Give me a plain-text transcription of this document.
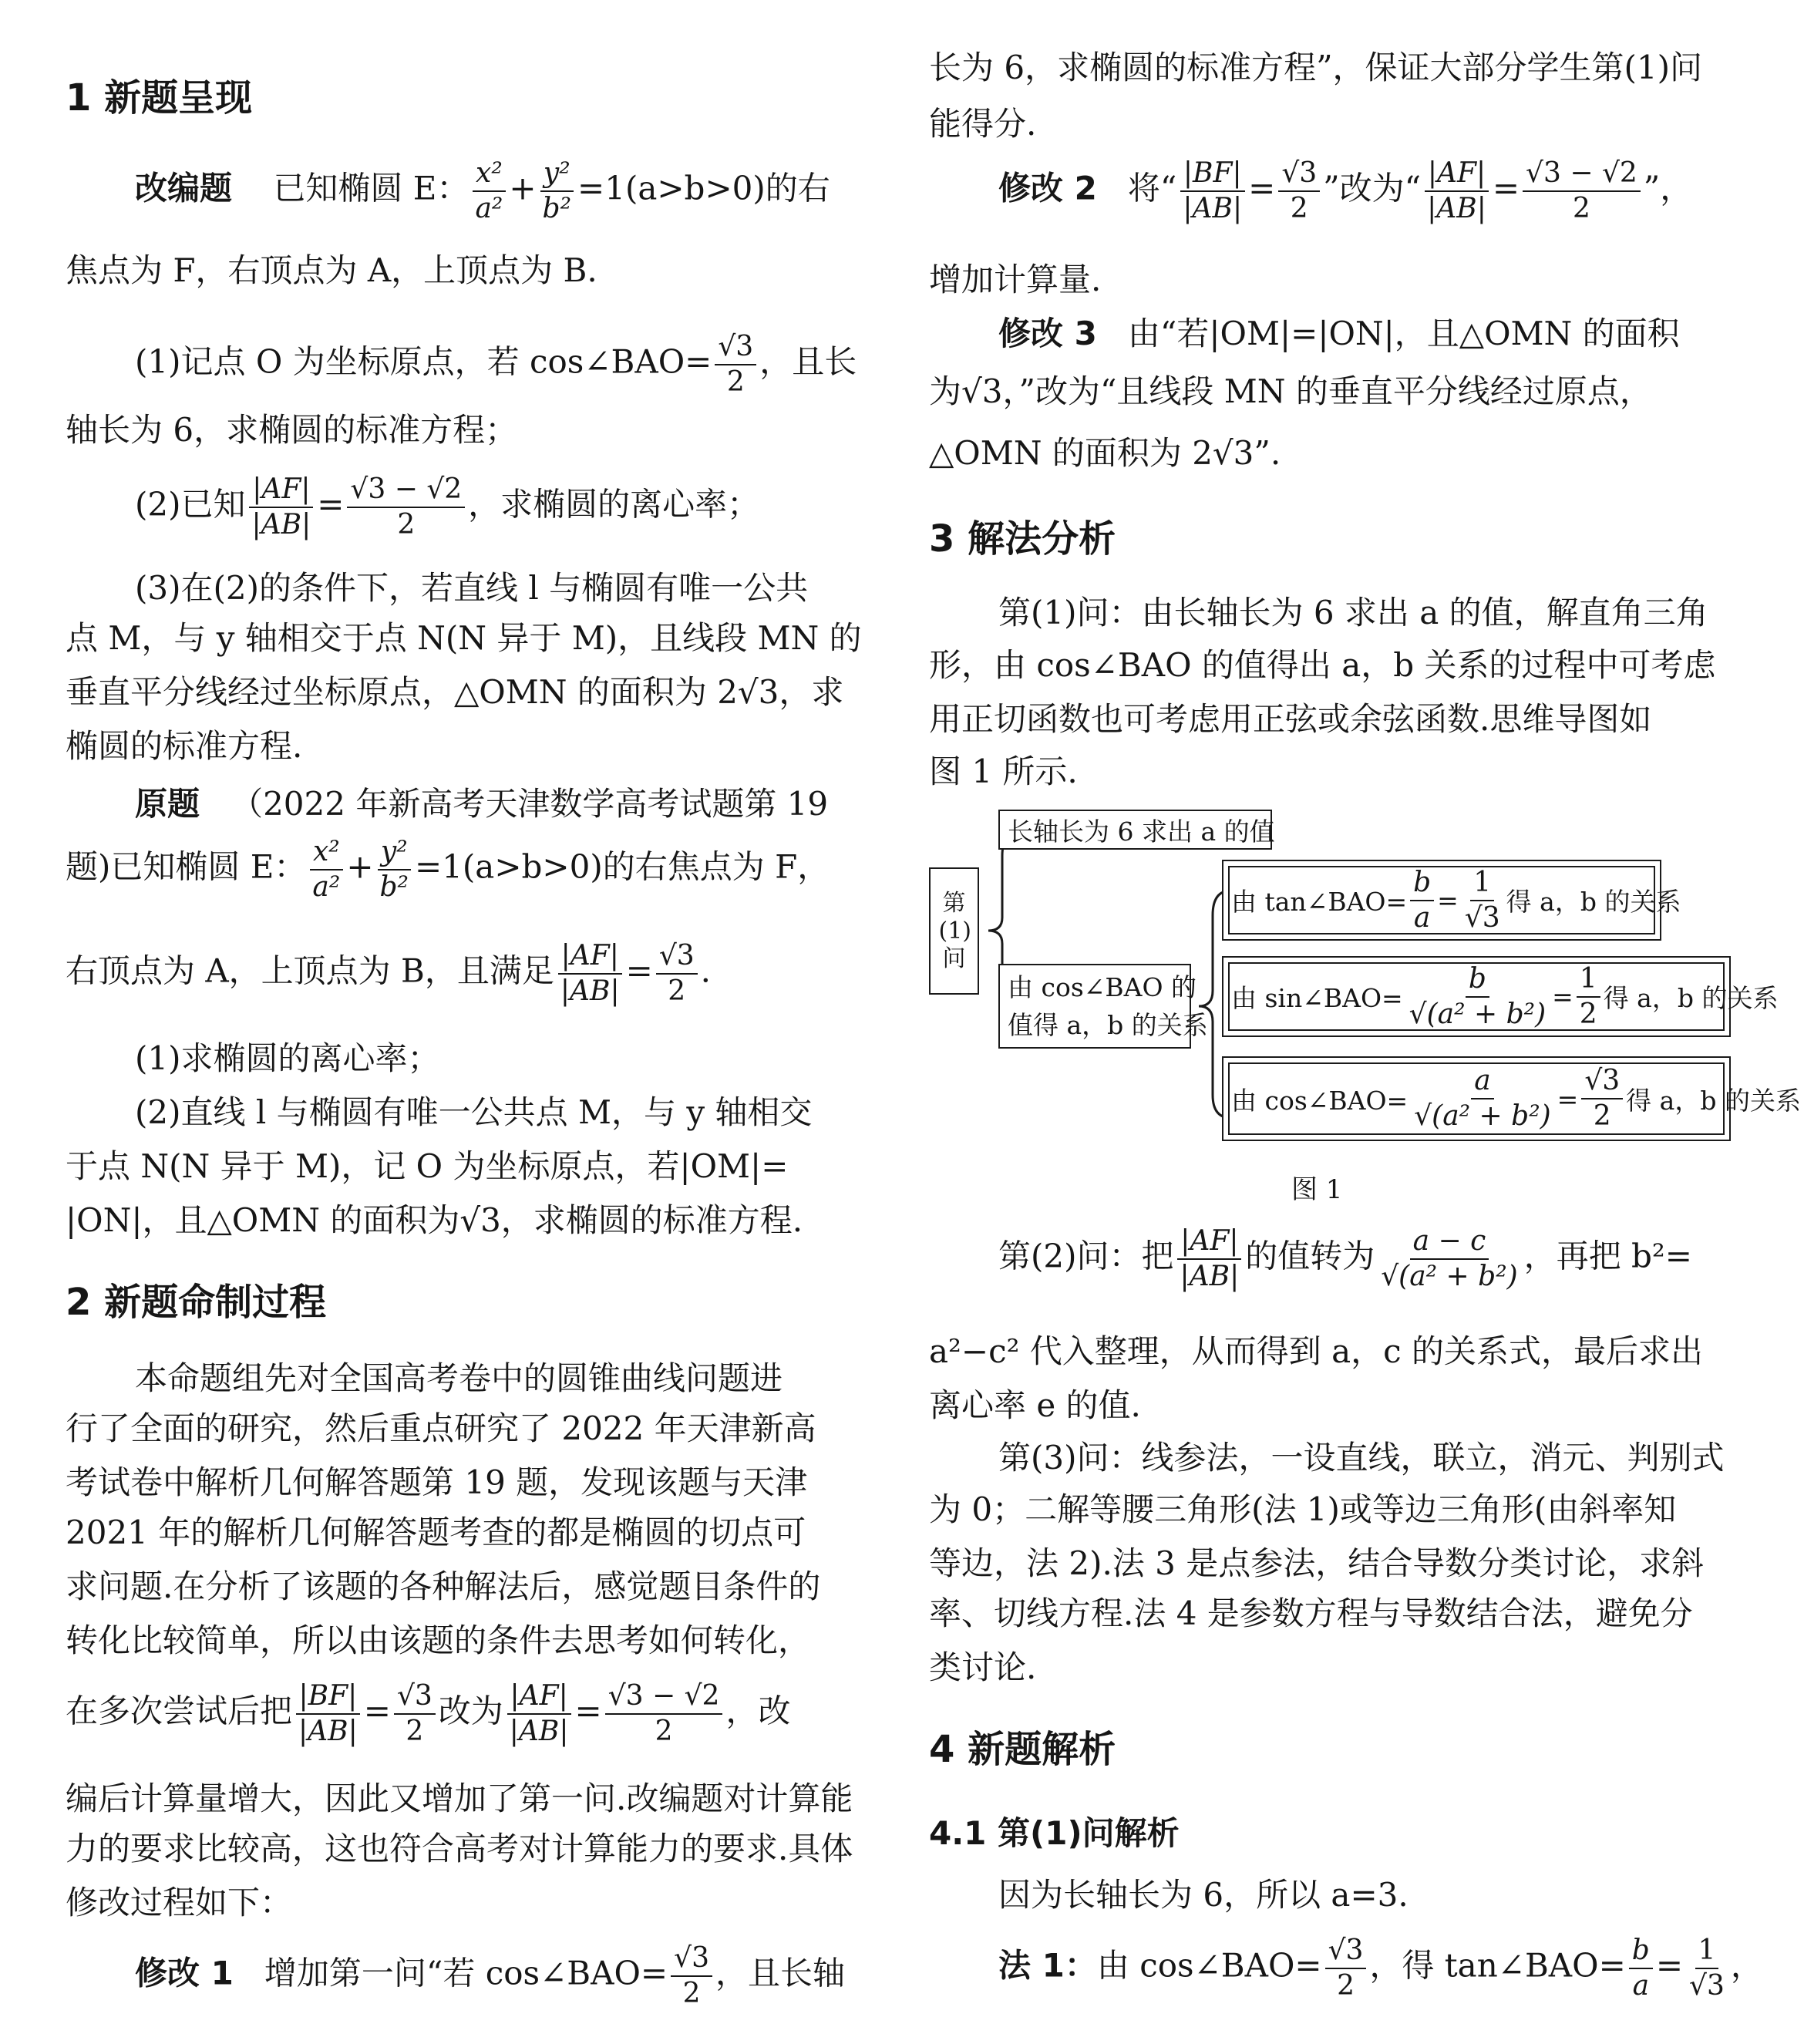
1 新题呈现
改编题 已知椭圆 E： $\frac{\text{x²}}{\text{a²}} + \frac{\text{y²}}{\text{b²}} =1(a>b>0)$的右
焦点为 F，右顶点为 A，上顶点为 B.
(1)记点 O 为坐标原点，若 cos∠BAO= $\frac{√3}{2}$ ，且长
轴长为 6，求椭圆的标准方程；
(2)已知 $\frac{|AF|}{|AB|} = \frac{√3 - √2}{2}$ ，求椭圆的离心率；
(3)在(2)的条件下，若直线 l 与椭圆有唯一公共
点 M，与 y 轴相交于点 N(N 异于 M)，且线段 MN 的
垂直平分线经过坐标原点，△OMN 的面积为 2√3，求
椭圆的标准方程.
原题 （2022 年新高考天津数学高考试题第 19
题)已知椭圆 E： $\frac{\text{x²}}{\text{a²}} + \frac{\text{y²}}{\text{b²}} =1(a>b>0)$的右焦点为 F，
右顶点为 A，上顶点为 B，且满足 $\frac{|AF|}{|AB|} = \frac{√3}{2}$ .
(1)求椭圆的离心率；
(2)直线 l 与椭圆有唯一公共点 M，与 y 轴相交
于点 N(N 异于 M)，记 O 为坐标原点，若|OM|=
|ON|，且△OMN 的面积为√3，求椭圆的标准方程.
2 新题命制过程
本命题组先对全国高考卷中的圆锥曲线问题进
行了全面的研究，然后重点研究了 2022 年天津新高
考试卷中解析几何解答题第 19 题，发现该题与天津
2021 年的解析几何解答题考查的都是椭圆的切点可
求问题.在分析了该题的各种解法后，感觉题目条件的
转化比较简单，所以由该题的条件去思考如何转化，
在多次尝试后把 $\frac{|BF|}{|AB|} = \frac{√3}{2}$ 改为 $\frac{|AF|}{|AB|} = \frac{√3 - √2}{2}$ ，改
编后计算量增大，因此又增加了第一问.改编题对计算能
力的要求比较高，这也符合高考对计算能力的要求.具体
修改过程如下：
修改 1 增加第一问“若 cos∠BAO= $\frac{√3}{2}$ ，且长轴
长为 6，求椭圆的标准方程”，保证大部分学生第(1)问
能得分.
修改 2 将“ $\frac{|BF|}{|AB|} = \frac{√3}{2}$ ”改为“ $\frac{|AF|}{|AB|} = \frac{√3 - √2}{2}$ ”，
增加计算量.
修改 3 由“若|OM|=|ON|，且△OMN 的面积
为√3，”改为“且线段 MN 的垂直平分线经过原点，
△OMN 的面积为 2√3”.
3 解法分析
第(1)问：由长轴长为 6 求出 a 的值，解直角三角
形，由 cos∠BAO 的值得出 a，b 关系的过程中可考虑
用正切函数也可考虑用正弦或余弦函数.思维导图如
图 1 所示.
第(1)问
长轴长为 6 求出 a 的值
由 cos∠BAO 的
值得 a，b 的关系
由 tan∠BAO= $\frac{b}{a} = \frac{1}{√3}$ 得 a，b 的关系
由 sin∠BAO= $\frac{b}{\text{√(a² + b²)}} = \frac{1}{2}$ 得 a，b 的关系
由 cos∠BAO= $\frac{a}{\text{√(a² + b²)}} = \frac{√3}{2}$ 得 a，b 的关系
图 1
第(2)问：把 $\frac{|AF|}{|AB|}$ 的值转为 $\frac{a - c}{\text{√(a² + b²)}}$ ，再把 b²=
a²−c² 代入整理，从而得到 a，c 的关系式，最后求出
离心率 e 的值.
第(3)问：线参法，一设直线，联立，消元、判别式
为 0；二解等腰三角形(法 1)或等边三角形(由斜率知
等边，法 2).法 3 是点参法，结合导数分类讨论，求斜
率、切线方程.法 4 是参数方程与导数结合法，避免分
类讨论.
4 新题解析
4.1 第(1)问解析
因为长轴长为 6，所以 a=3.
法 1：由 cos∠BAO= $\frac{√3}{2}$ ，得 tan∠BAO= $\frac{b}{a} = \frac{1}{√3}$ ，
